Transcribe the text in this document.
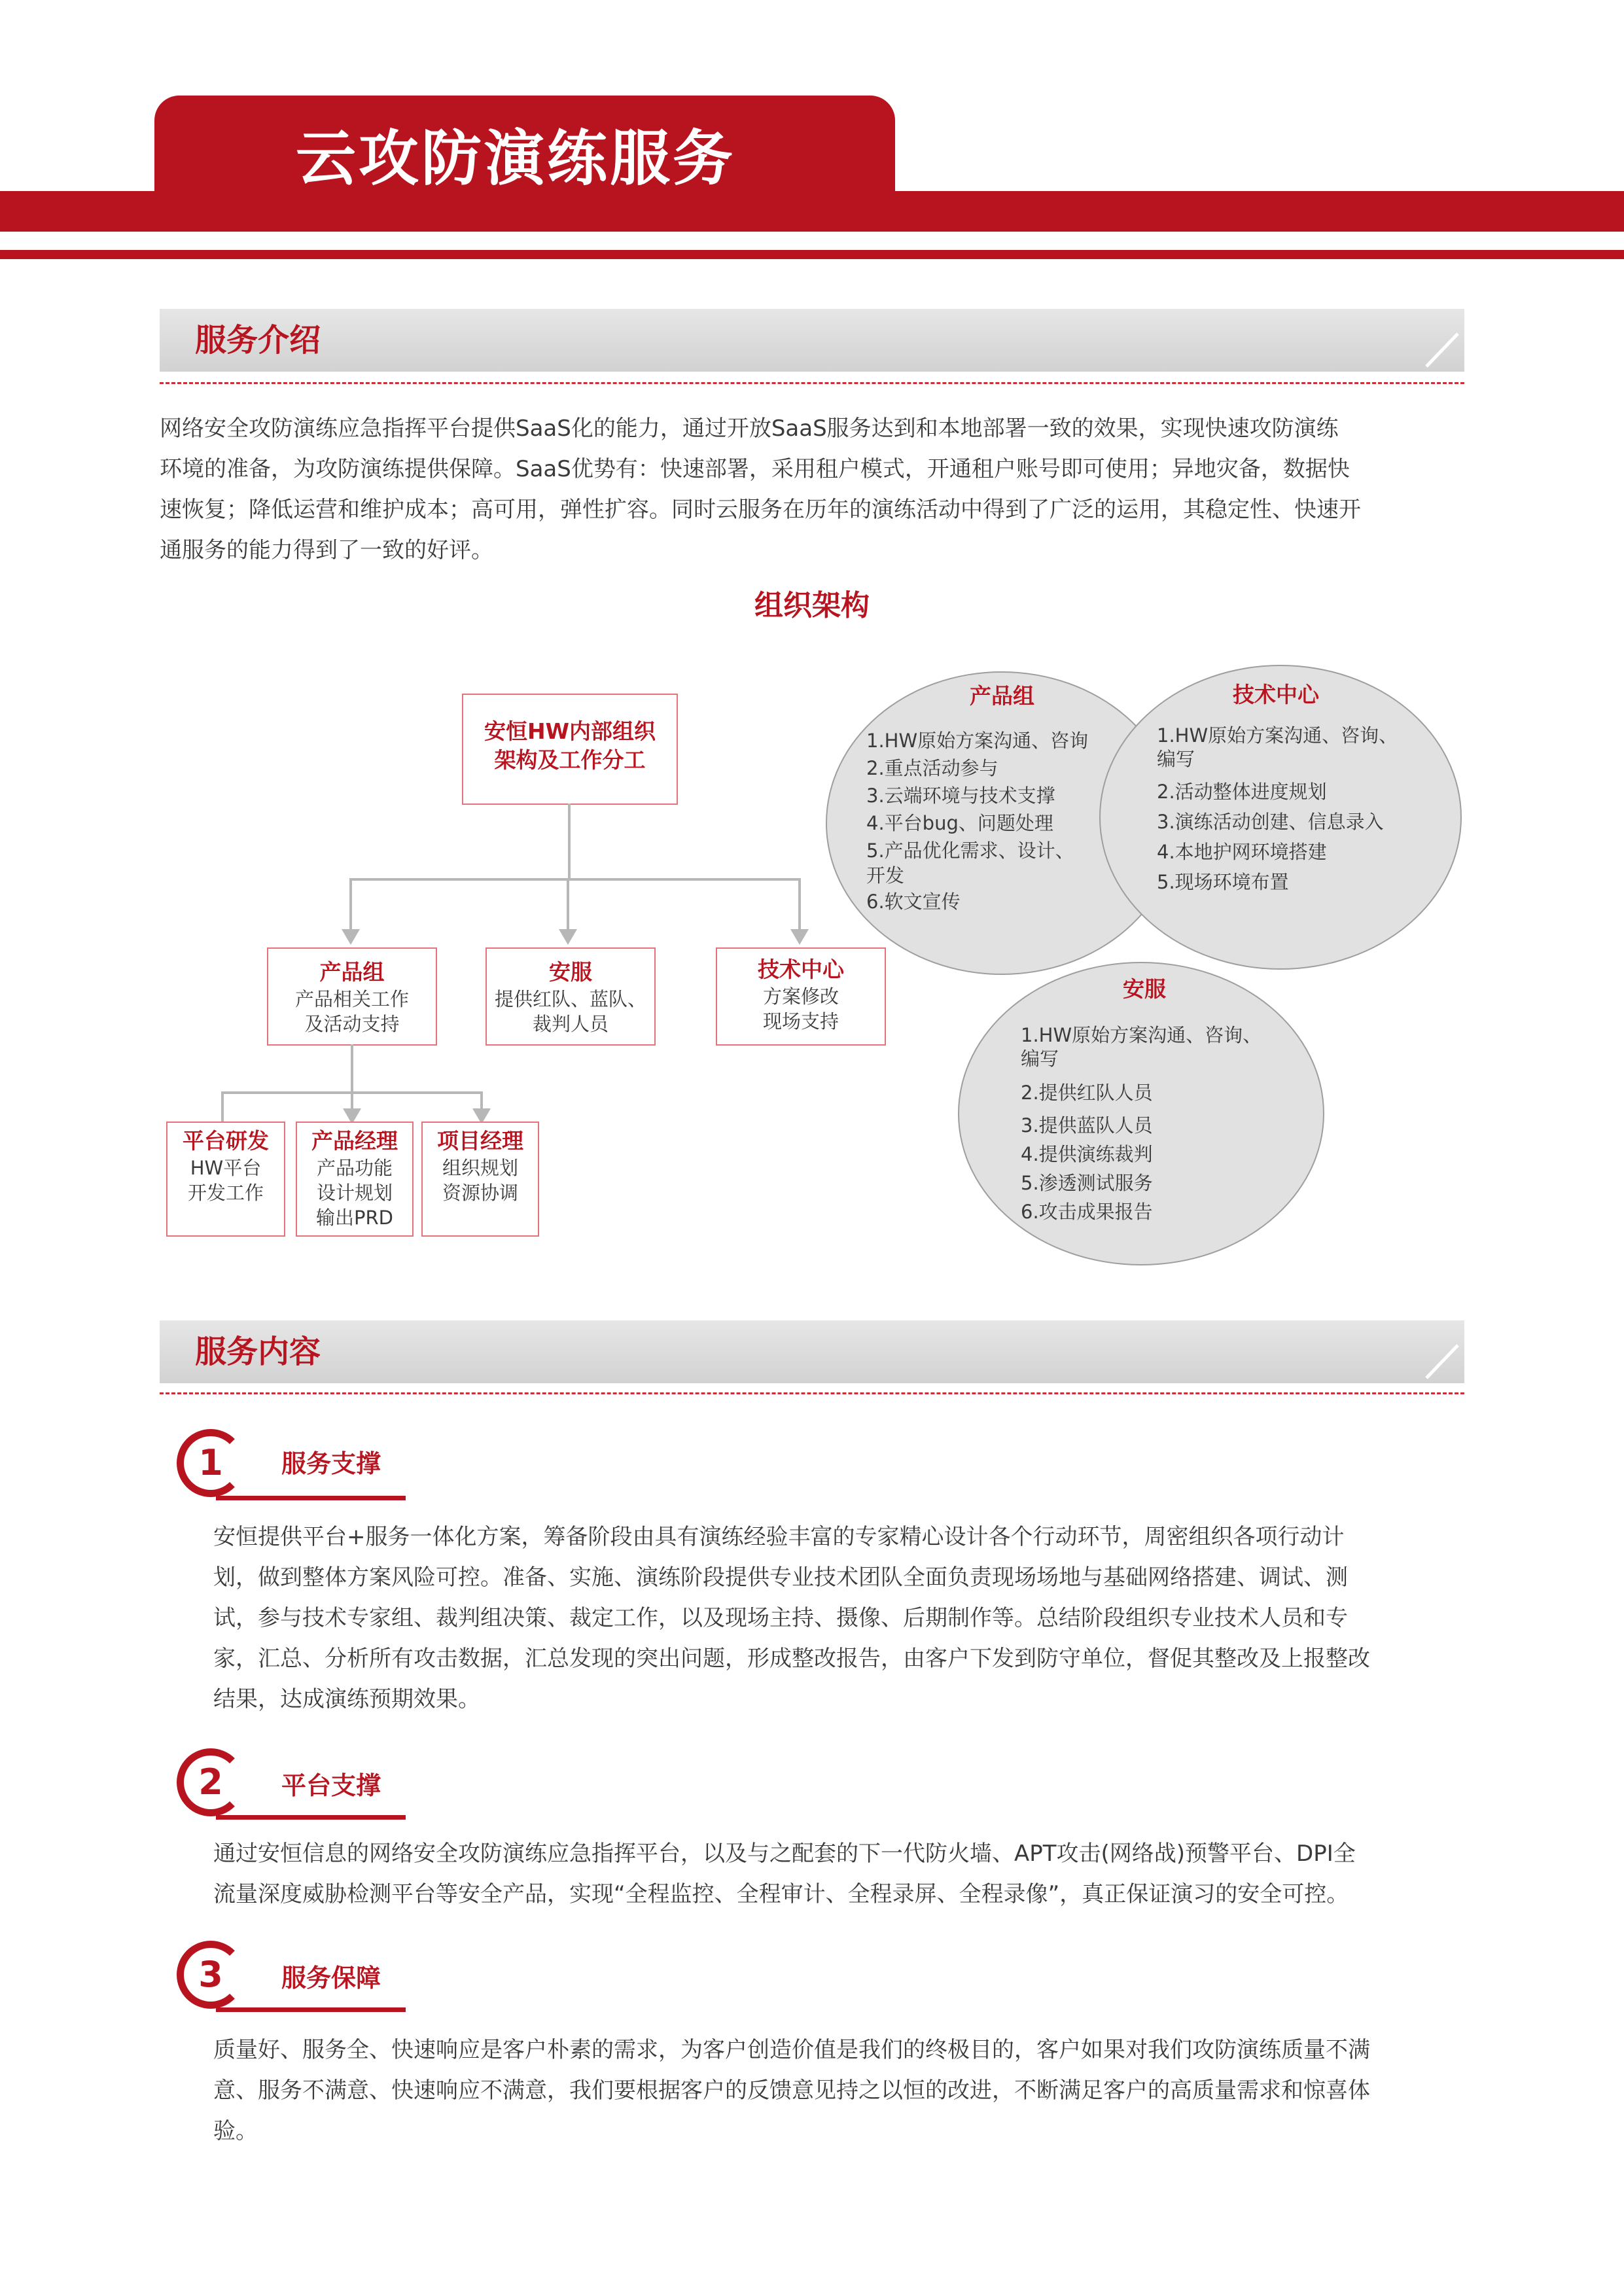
云攻防演练服务
服务介绍
网络安全攻防演练应急指挥平台提供SaaS化的能力，通过开放SaaS服务达到和本地部署一致的效果，实现快速攻防演练
环境的准备，为攻防演练提供保障。SaaS优势有：快速部署，采用租户模式，开通租户账号即可使用；异地灾备，数据快
速恢复；降低运营和维护成本；高可用，弹性扩容。同时云服务在历年的演练活动中得到了广泛的运用，其稳定性、快速开
通服务的能力得到了一致的好评。
组织架构
安恒HW内部组织
架构及工作分工
产品组
产品相关工作
及活动支持
安服
提供红队、蓝队、
裁判人员
技术中心
方案修改
现场支持
平台研发
HW平台
开发工作
产品经理
产品功能
设计规划
输出PRD
项目经理
组织规划
资源协调
产品组
1.HW原始方案沟通、咨询
2.重点活动参与
3.云端环境与技术支撑
4.平台bug、问题处理
5.产品优化需求、设计、
开发
6.软文宣传
技术中心
1.HW原始方案沟通、咨询、
编写
2.活动整体进度规划
3.演练活动创建、信息录入
4.本地护网环境搭建
5.现场环境布置
安服
1.HW原始方案沟通、咨询、
编写
2.提供红队人员
3.提供蓝队人员
4.提供演练裁判
5.渗透测试服务
6.攻击成果报告
服务内容
1	服务支撑
安恒提供平台+服务一体化方案，筹备阶段由具有演练经验丰富的专家精心设计各个行动环节，周密组织各项行动计
划，做到整体方案风险可控。准备、实施、演练阶段提供专业技术团队全面负责现场场地与基础网络搭建、调试、测
试，参与技术专家组、裁判组决策、裁定工作，以及现场主持、摄像、后期制作等。总结阶段组织专业技术人员和专
家，汇总、分析所有攻击数据，汇总发现的突出问题，形成整改报告，由客户下发到防守单位，督促其整改及上报整改
结果，达成演练预期效果。
2	平台支撑
通过安恒信息的网络安全攻防演练应急指挥平台，以及与之配套的下一代防火墙、APT攻击(网络战)预警平台、DPI全
流量深度威胁检测平台等安全产品，实现“全程监控、全程审计、全程录屏、全程录像”，真正保证演习的安全可控。
3	服务保障
质量好、服务全、快速响应是客户朴素的需求，为客户创造价值是我们的终极目的，客户如果对我们攻防演练质量不满
意、服务不满意、快速响应不满意，我们要根据客户的反馈意见持之以恒的改进，不断满足客户的高质量需求和惊喜体
验。
